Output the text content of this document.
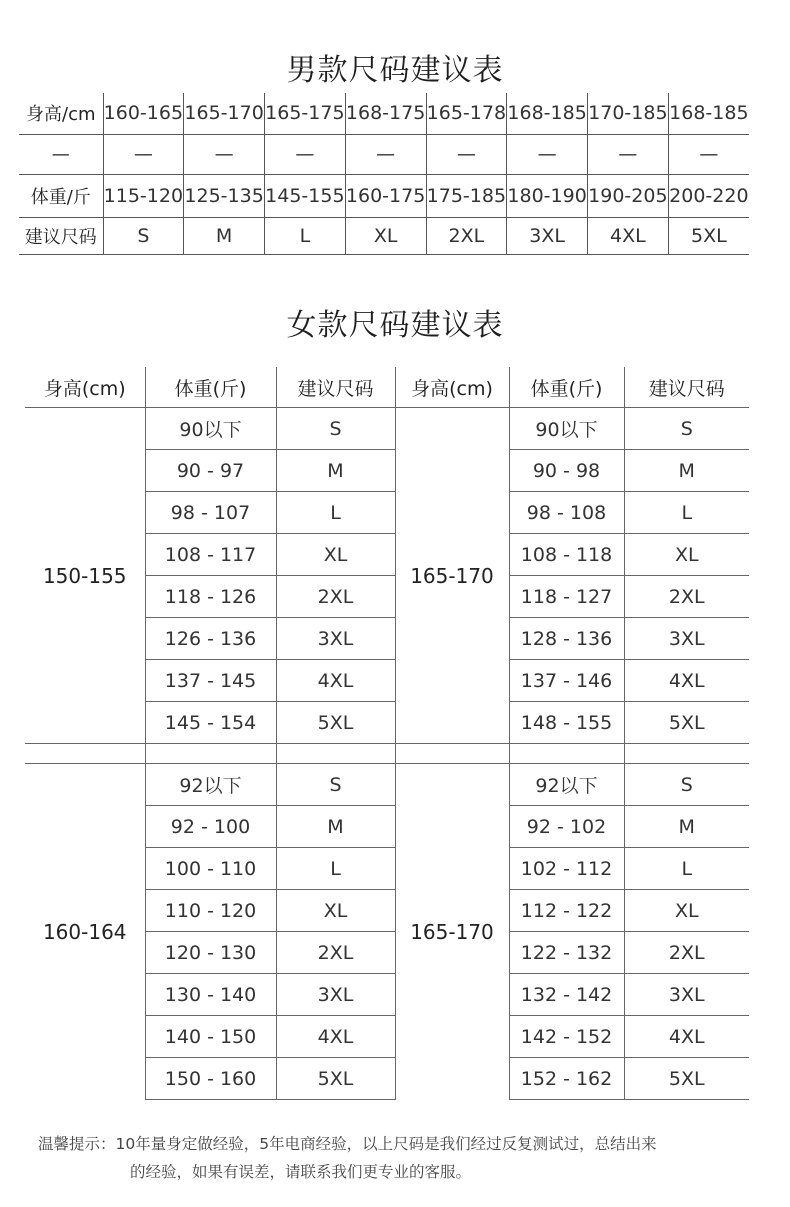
男款尺码建议表
身高/cm	160-165	165-170	165-175	168-175	165-178	168-185	170-185	168-185
—	—	—	—	—	—	—	—	—
体重/斤	115-120	125-135	145-155	160-175	175-185	180-190	190-205	200-220
建议尺码	S	M	L	XL	2XL	3XL	4XL	5XL
女款尺码建议表
身高(cm)	体重(斤)	建议尺码	身高(cm)	体重(斤)	建议尺码
150-155	90以下	S	165-170	90以下	S
	90 - 97	M		90 - 98	M
	98 - 107	L		98 - 108	L
	108 - 117	XL		108 - 118	XL
	118 - 126	2XL		118 - 127	2XL
	126 - 136	3XL		128 - 136	3XL
	137 - 145	4XL		137 - 146	4XL
	145 - 154	5XL		148 - 155	5XL

160-164	92以下	S	165-170	92以下	S
	92 - 100	M		92 - 102	M
	100 - 110	L		102 - 112	L
	110 - 120	XL		112 - 122	XL
	120 - 130	2XL		122 - 132	2XL
	130 - 140	3XL		132 - 142	3XL
	140 - 150	4XL		142 - 152	4XL
	150 - 160	5XL		152 - 162	5XL
温馨提示：10年量身定做经验，5年电商经验，以上尺码是我们经过反复测试过，总结出来
的经验，如果有误差，请联系我们更专业的客服。
